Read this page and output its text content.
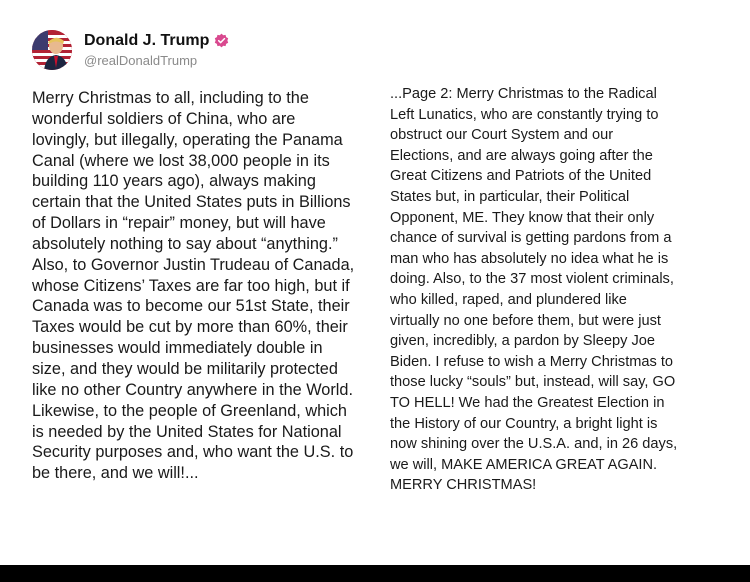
Donald J. Trump
@realDonaldTrump
Merry Christmas to all, including to the
wonderful soldiers of China, who are
lovingly, but illegally, operating the Panama
Canal (where we lost 38,000 people in its
building 110 years ago), always making
certain that the United States puts in Billions
of Dollars in “repair” money, but will have
absolutely nothing to say about “anything.”
Also, to Governor Justin Trudeau of Canada,
whose Citizens’ Taxes are far too high, but if
Canada was to become our 51st State, their
Taxes would be cut by more than 60%, their
businesses would immediately double in
size, and they would be militarily protected
like no other Country anywhere in the World.
Likewise, to the people of Greenland, which
is needed by the United States for National
Security purposes and, who want the U.S. to
be there, and we will!...
...Page 2: Merry Christmas to the Radical
Left Lunatics, who are constantly trying to
obstruct our Court System and our
Elections, and are always going after the
Great Citizens and Patriots of the United
States but, in particular, their Political
Opponent, ME. They know that their only
chance of survival is getting pardons from a
man who has absolutely no idea what he is
doing. Also, to the 37 most violent criminals,
who killed, raped, and plundered like
virtually no one before them, but were just
given, incredibly, a pardon by Sleepy Joe
Biden. I refuse to wish a Merry Christmas to
those lucky “souls” but, instead, will say, GO
TO HELL! We had the Greatest Election in
the History of our Country, a bright light is
now shining over the U.S.A. and, in 26 days,
we will, MAKE AMERICA GREAT AGAIN.
MERRY CHRISTMAS!
